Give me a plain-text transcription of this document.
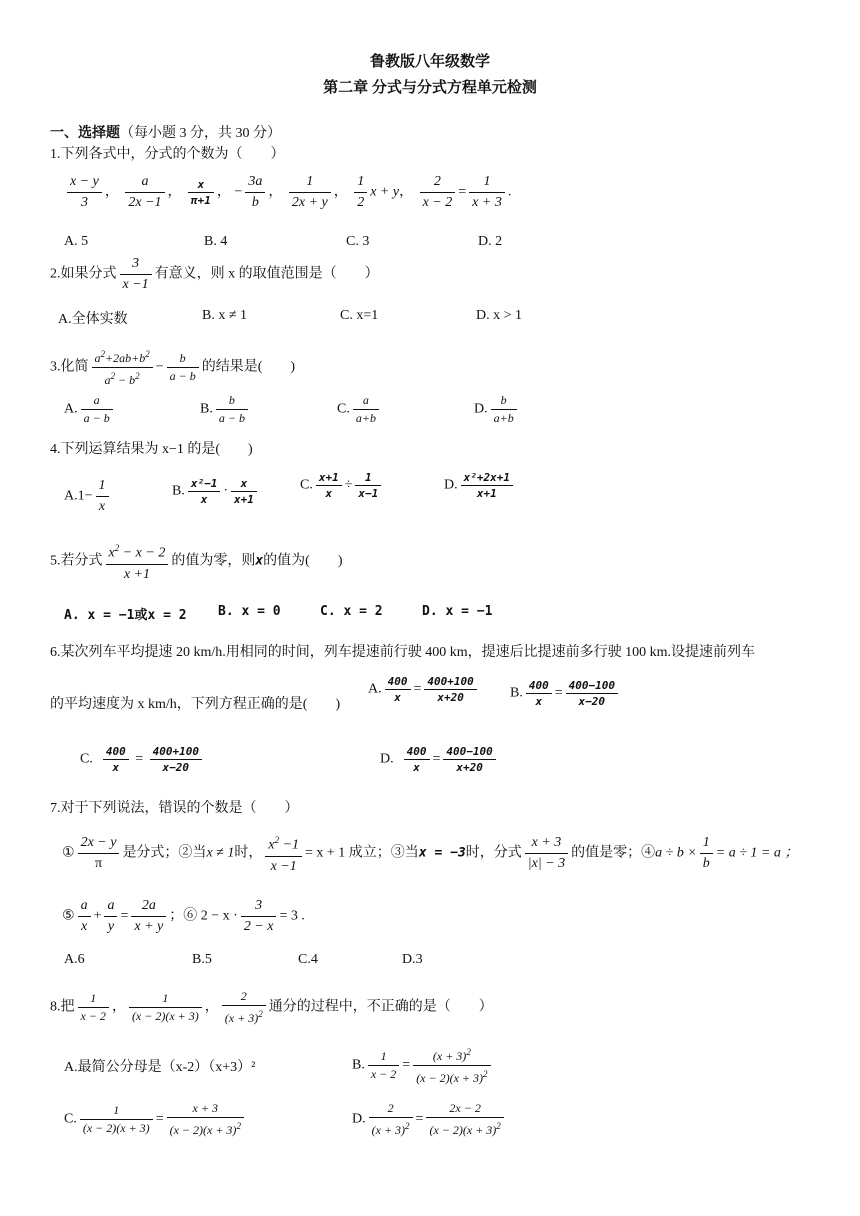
鲁教版八年级数学
第二章 分式与分式方程单元检测
一、选择题（每小题 3 分，共 30 分）
1.下列各式中，分式的个数为（　　）
$\frac{x - y}{3}$ ， $\frac{a}{2x -1}$ ， $\frac{x}{\pi+1}$ ， − $\frac{3a}{b}$ ， $\frac{1}{2x + y}$ ， $\frac{1}{2}$ x + y， $\frac{2}{x - 2} = \frac{1}{x + 3}$ .
A. 5	B. 4	C. 3	D. 2
2.如果分式 $\frac{3}{x -1}$ 有意义，则 x 的取值范围是（　　）
A.全体实数	B. x ≠ 1	C. x=1	D. x > 1
3.化简 $\frac{a^2+2ab+b^2}{a^2 - b^2} - \frac{b}{a - b}$ 的结果是(　　)
A. $\frac{a}{a - b}$	B. $\frac{b}{a - b}$	C. $\frac{a}{a+b}$	D. $\frac{b}{a+b}$
4.下列运算结果为 x−1 的是(　　)
$A.1- \frac{1}{x}$	B. $\frac{\text{x²−1}}{x} \cdot \frac{x}{x+1}$	C. $\frac{x+1}{x} \div \frac{1}{x-1}$	D. $\frac{\text{x²+2x+1}}{x+1}$
5.若分式 $\frac{x^2 - x - 2}{x +1}$ 的值为零，则x的值为(　　)
A. x = −1或x = 2 B. x = 0	C. x = 2	D. x = −1
6.某次列车平均提速 20 km/h.用相同的时间，列车提速前行驶 400 km，提速后比提速前多行驶 100 km.设提速前列车
的平均速度为 x km/h，下列方程正确的是(　　)
A. $\frac{400}{x} = \frac{400+100}{x+20} B$. $\frac{400}{x} = \frac{400-100}{x-20}$
C. $\frac{400}{x} = \frac{400+100}{x-20}$	D. $\frac{400}{x} = \frac{400-100}{x+20}$
7.对于下列说法，错误的个数是（　　）
① $\frac{2x - y}{\pi}$ 是分式；②当x ≠ 1时， $\frac{x^2 -1}{x -1} = x + 1$ 成立；③当x = −3时，分式 $\frac{x + 3}{|x| - 3}$ 的值是零；④a ÷ $b \times \frac{1}{b} = a \div 1 = a$ ；
⑤ $\frac{a}{x} + \frac{a}{y} = \frac{2a}{x + y}$ ；⑥ $2 - x \cdot \frac{3}{2 - x} = 3$ .
A.6	B.5	C.4	D.3
8.把 $\frac{1}{x - 2}$ ， $\frac{1}{(x - 2)(x + 3)}$ ， $\frac{2}{(x + 3)^2}$ 通分的过程中，不正确的是（　　）
A.最简公分母是（x-2）（x+3）²	B. $\frac{1}{x - 2} = \frac{(x + 3)^2}{(x - 2)(x + 3)^2}$
C. $\frac{1}{(x - 2)(x + 3)} = \frac{x + 3}{(x - 2)(x + 3)^2}$	D. $\frac{2}{(x + 3)^2} = \frac{2x - 2}{(x - 2)(x + 3)^2}$
